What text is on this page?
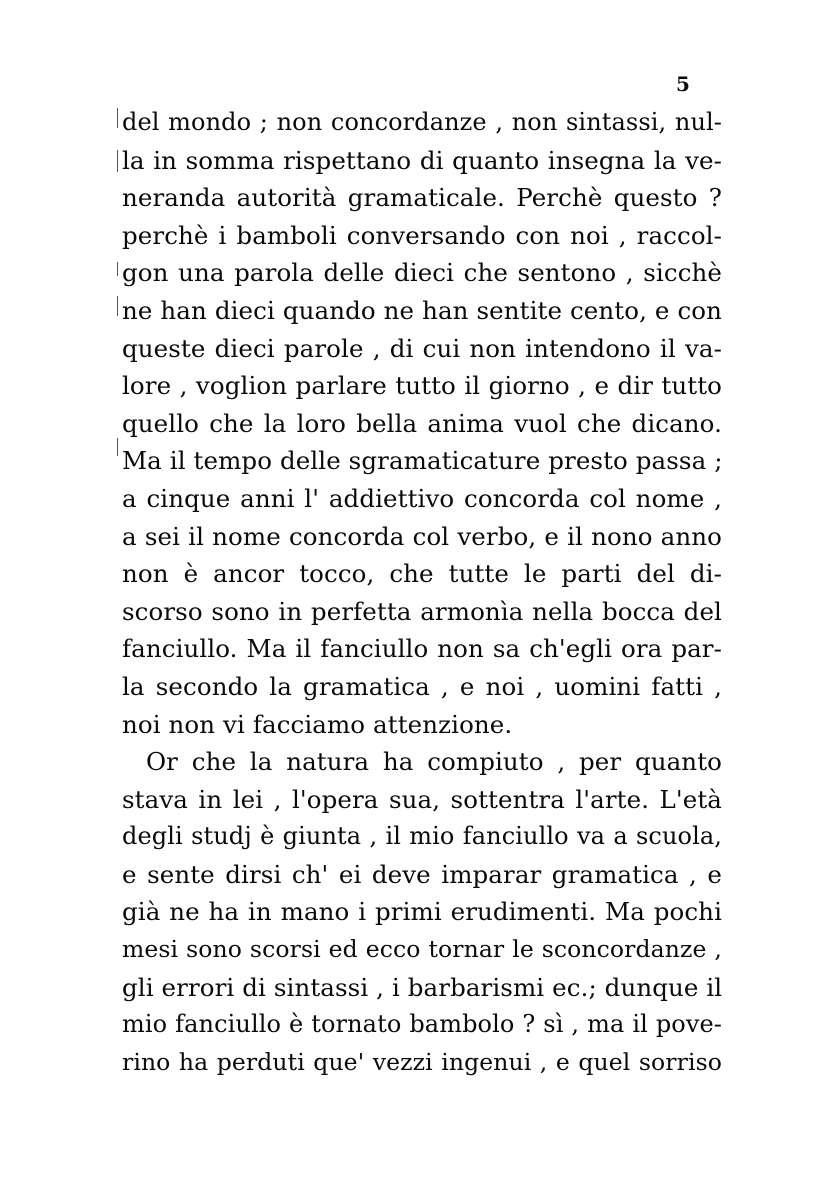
5
del mondo ; non concordanze , non sintassi, nul-
la in somma rispettano di quanto insegna la ve-
neranda autorità gramaticale. Perchè questo ?
perchè i bamboli conversando con noi , raccol-
gon una parola delle dieci che sentono , sicchè
ne han dieci quando ne han sentite cento, e con
queste dieci parole , di cui non intendono il va-
lore , voglion parlare tutto il giorno , e dir tutto
quello che la loro bella anima vuol che dicano.
Ma il tempo delle sgramaticature presto passa ;
a cinque anni l' addiettivo concorda col nome ,
a sei il nome concorda col verbo, e il nono anno
non è ancor tocco, che tutte le parti del di-
scorso sono in perfetta armonìa nella bocca del
fanciullo. Ma il fanciullo non sa ch'egli ora par-
la secondo la gramatica , e noi , uomini fatti ,
noi non vi facciamo attenzione.
Or che la natura ha compiuto , per quanto
stava in lei , l'opera sua, sottentra l'arte. L'età
degli studj è giunta , il mio fanciullo va a scuola,
e sente dirsi ch' ei deve imparar gramatica , e
già ne ha in mano i primi erudimenti. Ma pochi
mesi sono scorsi ed ecco tornar le sconcordanze ,
gli errori di sintassi , i barbarismi ec.; dunque il
mio fanciullo è tornato bambolo ? sì , ma il pove-
rino ha perduti que' vezzi ingenui , e quel sorriso
